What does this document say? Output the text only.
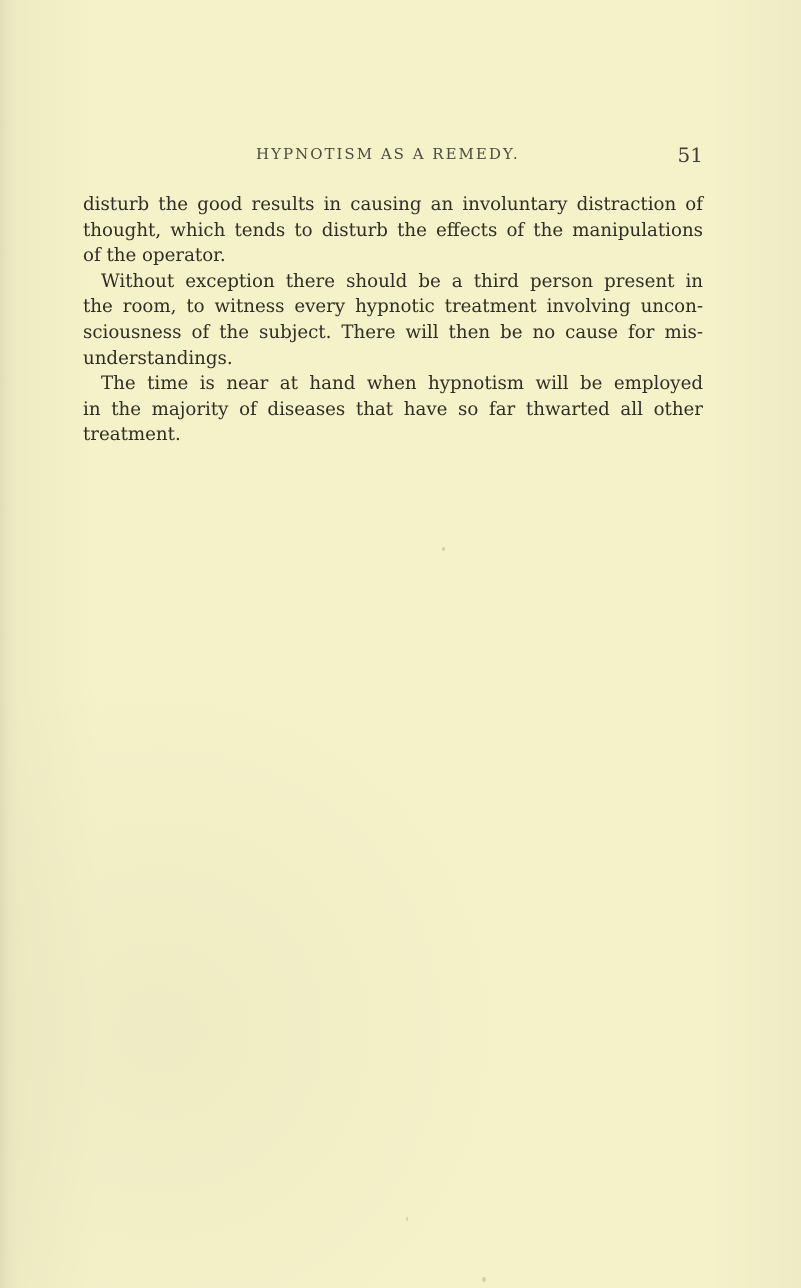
HYPNOTISM AS A REMEDY.	51
disturb the good results in causing an involuntary distraction of
thought, which tends to disturb the effects of the manipulations
of the operator.
Without exception there should be a third person present in
the room, to witness every hypnotic treatment involving uncon-
sciousness of the subject. There will then be no cause for mis-
understandings.
The time is near at hand when hypnotism will be employed
in the majority of diseases that have so far thwarted all other
treatment.
